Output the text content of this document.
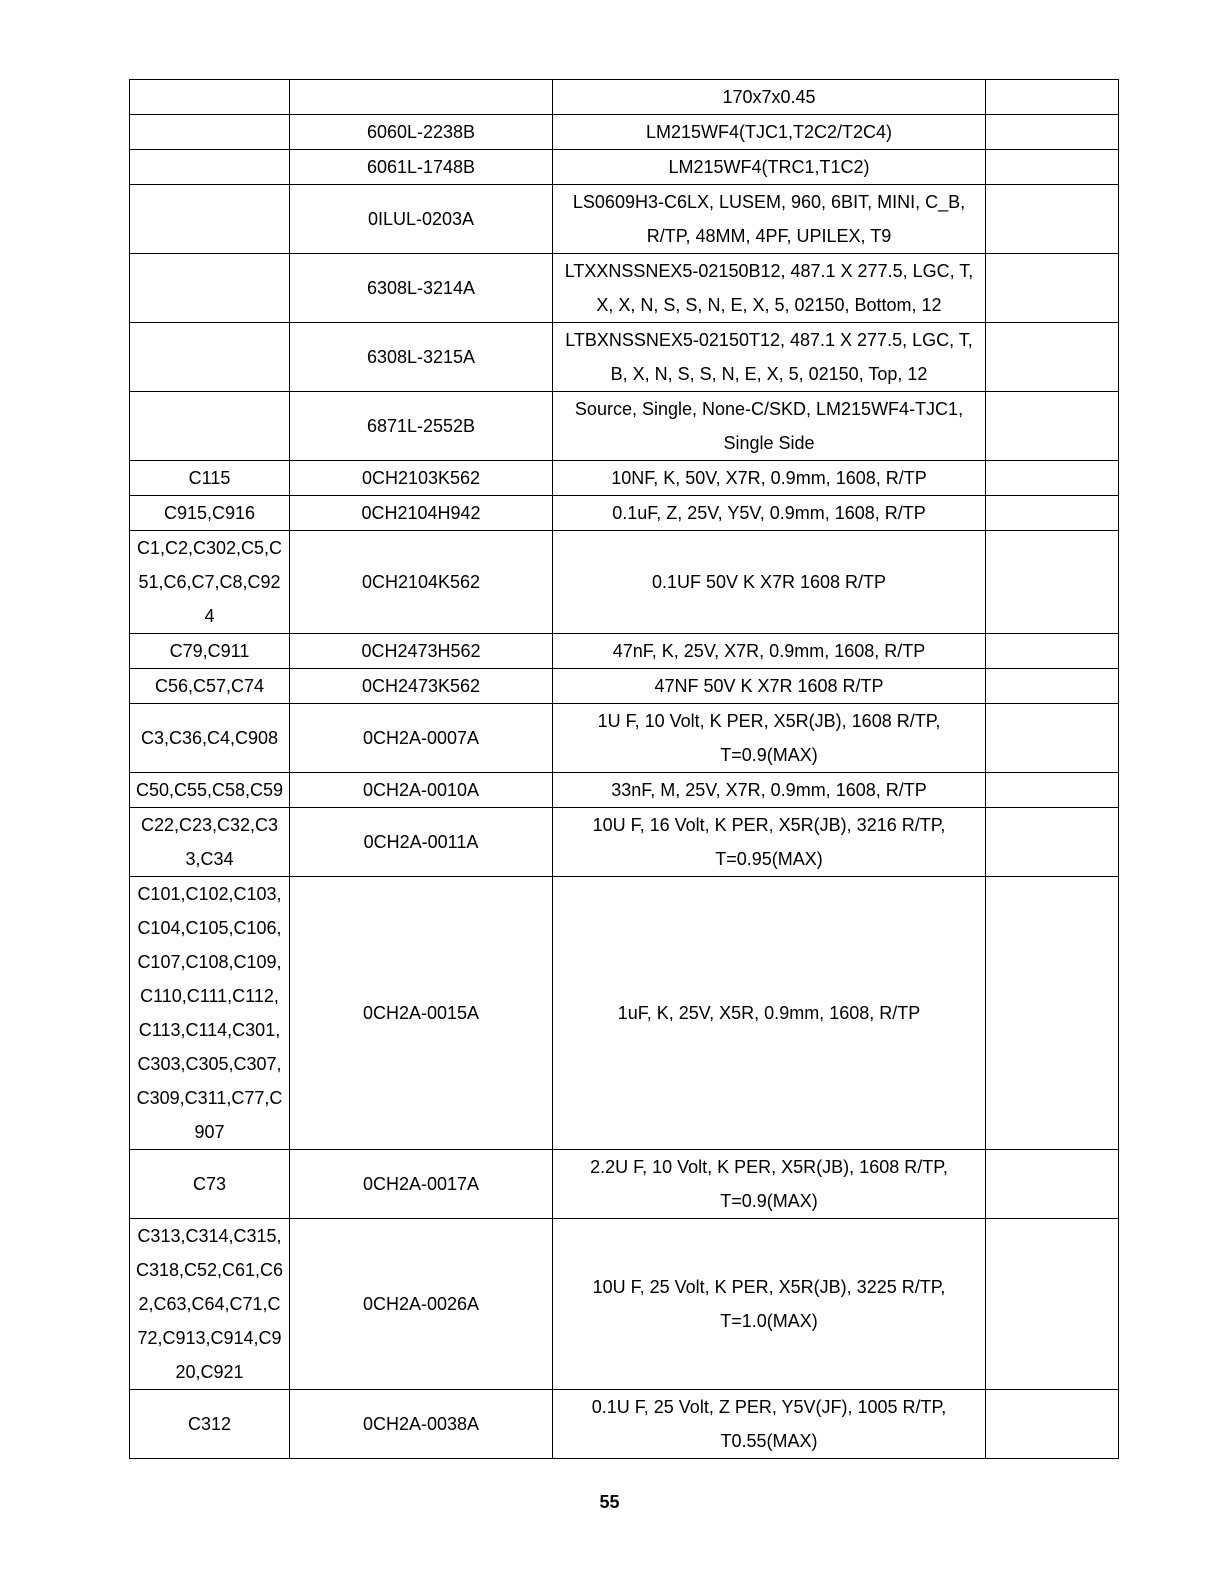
		170x7x0.45	
	6060L-2238B	LM215WF4(TJC1,T2C2/T2C4)	
	6061L-1748B	LM215WF4(TRC1,T1C2)	
	0ILUL-0203A	LS0609H3-C6LX, LUSEM, 960, 6BIT, MINI, C_B, R/TP, 48MM, 4PF, UPILEX, T9	
	6308L-3214A	LTXXNSSNEX5-02150B12, 487.1 X 277.5, LGC, T, X, X, N, S, S, N, E, X, 5, 02150, Bottom, 12	
	6308L-3215A	LTBXNSSNEX5-02150T12, 487.1 X 277.5, LGC, T, B, X, N, S, S, N, E, X, 5, 02150, Top, 12	
	6871L-2552B	Source, Single, None-C/SKD, LM215WF4-TJC1, Single Side	
C115	0CH2103K562	10NF, K, 50V, X7R, 0.9mm, 1608, R/TP	
C915,C916	0CH2104H942	0.1uF, Z, 25V, Y5V, 0.9mm, 1608, R/TP	
C1,C2,C302,C5,C51,C6,C7,C8,C924	0CH2104K562	0.1UF 50V K X7R 1608 R/TP	
C79,C911	0CH2473H562	47nF, K, 25V, X7R, 0.9mm, 1608, R/TP	
C56,C57,C74	0CH2473K562	47NF 50V K X7R 1608 R/TP	
C3,C36,C4,C908	0CH2A-0007A	1U F, 10 Volt, K PER, X5R(JB), 1608 R/TP, T=0.9(MAX)	
C50,C55,C58,C59	0CH2A-0010A	33nF, M, 25V, X7R, 0.9mm, 1608, R/TP	
C22,C23,C32,C33,C34	0CH2A-0011A	10U F, 16 Volt, K PER, X5R(JB), 3216 R/TP, T=0.95(MAX)	
C101,C102,C103,C104,C105,C106,C107,C108,C109,C110,C111,C112,C113,C114,C301,C303,C305,C307,C309,C311,C77,C907	0CH2A-0015A	1uF, K, 25V, X5R, 0.9mm, 1608, R/TP	
C73	0CH2A-0017A	2.2U F, 10 Volt, K PER, X5R(JB), 1608 R/TP, T=0.9(MAX)	
C313,C314,C315,C318,C52,C61,C62,C63,C64,C71,C72,C913,C914,C920,C921	0CH2A-0026A	10U F, 25 Volt, K PER, X5R(JB), 3225 R/TP, T=1.0(MAX)	
C312	0CH2A-0038A	0.1U F, 25 Volt, Z PER, Y5V(JF), 1005 R/TP, T0.55(MAX)	
55
